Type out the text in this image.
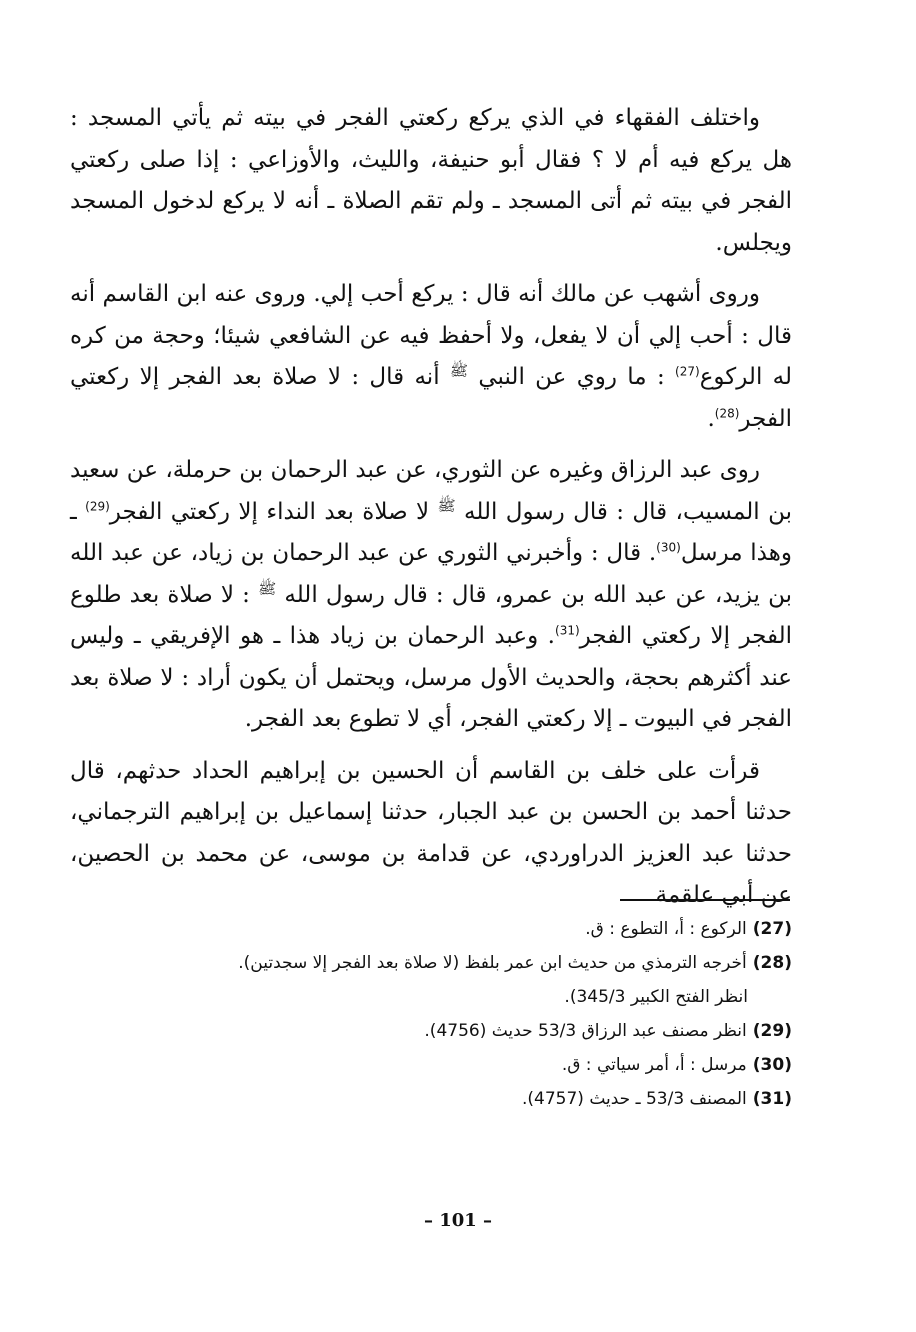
واختلف الفقهاء في الذي يركع ركعتي الفجر في بيته ثم يأتي المسجد : هل يركع فيه أم لا ؟ فقال أبو حنيفة، والليث، والأوزاعي : إذا صلى ركعتي الفجر في بيته ثم أتى المسجد ـ ولم تقم الصلاة ـ أنه لا يركع لدخول المسجد ويجلس.

وروى أشهب عن مالك أنه قال : يركع أحب إلي. وروى عنه ابن القاسم أنه قال : أحب إلي أن لا يفعل، ولا أحفظ فيه عن الشافعي شيئا؛ وحجة من كره له الركوع$^{(27)}$ : ما روي عن النبي $^ﷺ$ أنه قال : لا صلاة بعد الفجر إلا ركعتي الفجر$^{(28)}$.

روى عبد الرزاق وغيره عن الثوري، عن عبد الرحمان بن حرملة، عن سعيد بن المسيب، قال : قال رسول الله $^ﷺ$ لا صلاة بعد النداء إلا ركعتي الفجر$^{(29)}$ ـ وهذا مرسل$^{(30)}$. قال : وأخبرني الثوري عن عبد الرحمان بن زياد، عن عبد الله بن يزيد، عن عبد الله بن عمرو، قال : قال رسول الله $^ﷺ$ : لا صلاة بعد طلوع الفجر إلا ركعتي الفجر$^{(31)}$. وعبد الرحمان بن زياد هذا ـ هو الإفريقي ـ وليس عند أكثرهم بحجة، والحديث الأول مرسل، ويحتمل أن يكون أراد : لا صلاة بعد الفجر في البيوت ـ إلا ركعتي الفجر، أي لا تطوع بعد الفجر.

قرأت على خلف بن القاسم أن الحسين بن إبراهيم الحداد حدثهم، قال حدثنا أحمد بن الحسن بن عبد الجبار، حدثنا إسماعيل بن إبراهيم الترجماني، حدثنا عبد العزيز الدراوردي، عن قدامة بن موسى، عن محمد بن الحصين، عن أبي علقمة

(27)الركوع : أ، التطوع : ق.

(28)أخرجه الترمذي من حديث ابن عمر بلفظ (لا صلاة بعد الفجر إلا سجدتين).

انظر الفتح الكبير 345/3).

(29)انظر مصنف عبد الرزاق 53/3 حديث (4756).

(30)مرسل : أ، أمر سياتي : ق.

(31)المصنف 53/3 ـ حديث (4757).

– 101 –
